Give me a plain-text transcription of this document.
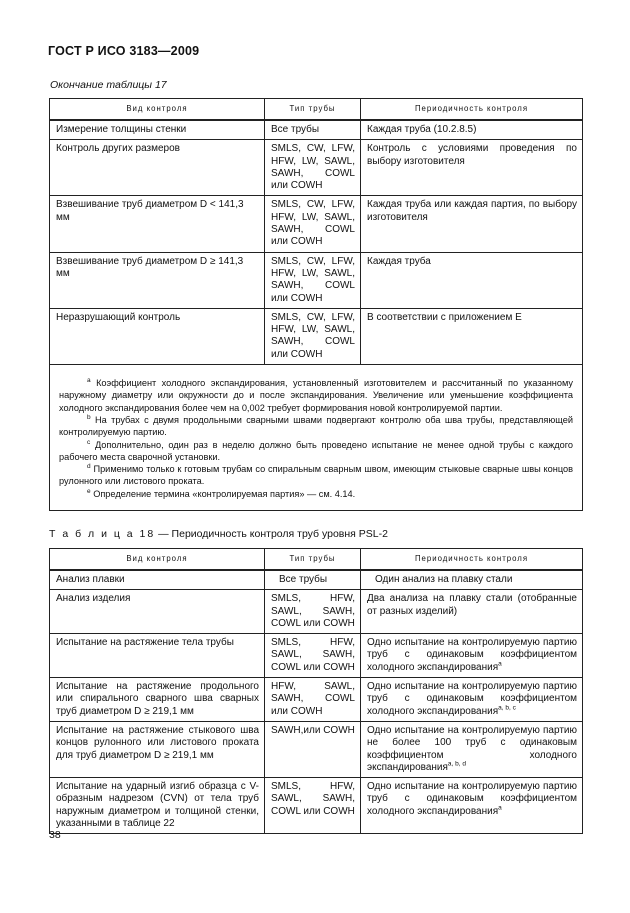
ГОСТ Р ИСО 3183—2009
Окончание таблицы 17
Вид контроля	Тип трубы	Периодичность контроля
Измерение толщины стенки	Все трубы	Каждая труба (10.2.8.5)
Контроль других размеров	SMLS, CW, LFW, HFW, LW, SAWL, SAWH, COWL или COWH	Контроль с условиями проведения по выбору изготовителя
Взвешивание труб диаметром D < 141,3 мм	SMLS, CW, LFW, HFW, LW, SAWL, SAWH, COWL или COWH	Каждая труба или каждая партия, по выбору изготовителя
Взвешивание труб диаметром D ≥ 141,3 мм	SMLS, CW, LFW, HFW, LW, SAWL, SAWH, COWL или COWH	Каждая труба
Неразрушающий контроль	SMLS, CW, LFW, HFW, LW, SAWL, SAWH, COWL или COWH	В соответствии с приложением Е

$^a$ Коэффициент холодного экспандирования, установленный изготовителем и рассчитанный по указанному наружному диаметру или окружности до и после экспандирования. Увеличение или уменьшение коэффициента холодного экспандирования более чем на 0,002 требует формирования новой контролируемой партии.

$^b$ На трубах с двумя продольными сварными швами подвергают контролю оба шва трубы, представляющей контролируемую партию.

$^c$ Дополнительно, один раз в неделю должно быть проведено испытание не менее одной трубы с каждого рабочего места сварочной установки.

$^d$ Применимо только к готовым трубам со спиральным сварным швом, имеющим стыковые сварные швы концов рулонного или листового проката.

$^e$ Определение термина «контролируемая партия» — см. 4.14.		

Т а б л и ц а 18 — Периодичность контроля труб уровня PSL-2
Вид контроля	Тип трубы	Периодичность контроля
Анализ плавки	Все трубы	Один анализ на плавку стали
Анализ изделия	SMLS, HFW, SAWL, SAWH, COWL или COWH	Два анализа на плавку стали (отобранные от разных изделий)
Испытание на растяжение тела трубы	SMLS, HFW, SAWL, SAWH, COWL или COWH	Одно испытание на контролируемую партию труб с одинаковым коэффициентом холодного экспандирования$^a$
Испытание на растяжение продольного или спирального сварного шва сварных труб диаметром D ≥ 219,1 мм	HFW, SAWL, SAWH, COWL или COWH	Одно испытание на контролируемую партию труб с одинаковым коэффициентом холодного экспандирования$^{a, b, c}$
Испытание на растяжение стыкового шва концов рулонного или листового проката для труб диаметром D ≥ 219,1 мм	SAWH,или COWH	Одно испытание на контролируемую партию не более 100 труб с одинаковым коэффициентом холодного экспандирования$^{a, b, d}$
Испытание на ударный изгиб образца с V-образным надрезом (CVN) от тела труб наружным диаметром и толщиной стенки, указанными в таблице 22	SMLS, HFW, SAWL, SAWH, COWL или COWH	Одно испытание на контролируемую партию труб с одинаковым коэффициентом холодного экспандирования$^a$
38
